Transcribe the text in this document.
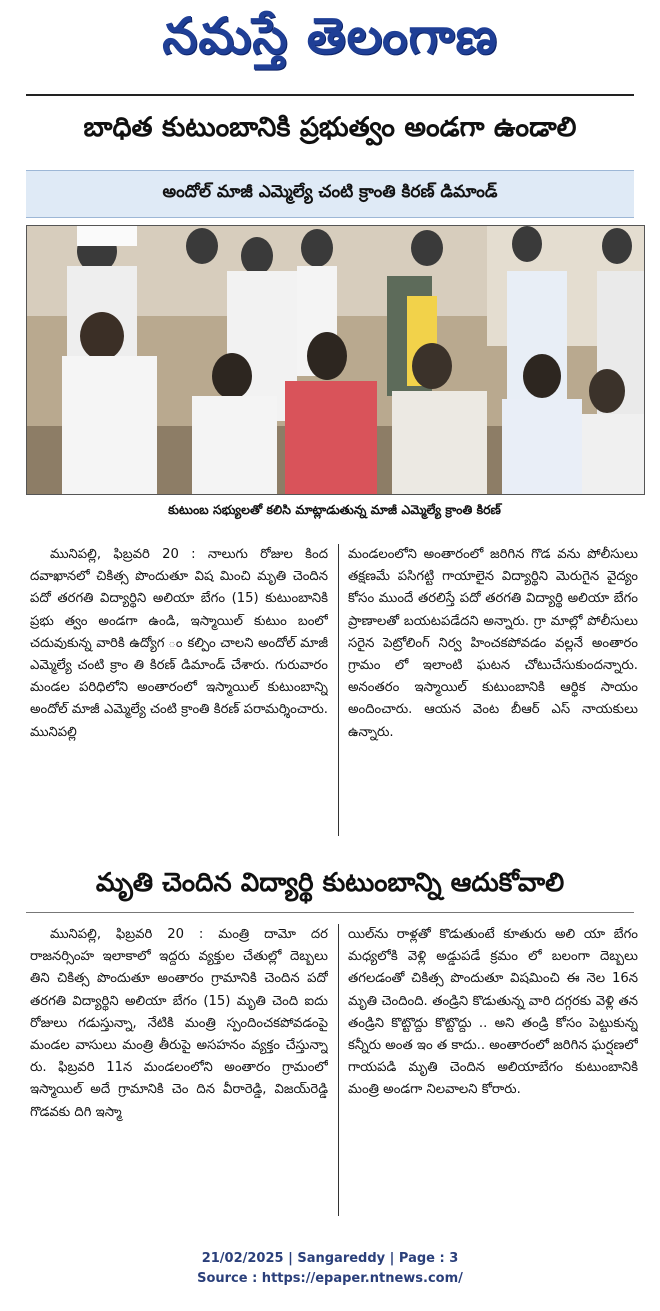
నమస్తే తెలంగాణ
బాధిత కుటుంబానికి ప్రభుత్వం అండగా ఉండాలి
అందోల్ మాజీ ఎమ్మెల్యే చంటి క్రాంతి కిరణ్ డిమాండ్
కుటుంబ సభ్యులతో కలిసి మాట్లాడుతున్న మాజీ ఎమ్మెల్యే క్రాంతి కిరణ్

మునిపల్లి, ఫిబ్రవరి 20 : నాలుగు రోజుల కింద దవాఖానలో చికిత్స పొందుతూ విష మించి మృతి చెందిన పదో తరగతి విద్యార్థిని అలియా బేగం (15) కుటుంబానికి ప్రభు త్వం అండగా ఉండి, ఇస్మాయిల్ కుటుం బంలో చదువుకున్న వారికి ఉద్యోగ ం కల్పిం చాలని అందోల్ మాజీ ఎమ్మెల్యే చంటి క్రాం తి కిరణ్ డిమాండ్ చేశారు. గురువారం మండల పరిధిలోని అంతారంలో ఇస్మాయిల్ కుటుంబాన్ని అందోల్ మాజీ ఎమ్మెల్యే చంటి క్రాంతి కిరణ్ పరామర్శించారు. మునిపల్లి

మండలంలోని అంతారంలో జరిగిన గొడ వను పోలీసులు తక్షణమే పసిగట్టి గాయాలైన విద్యార్థిని మెరుగైన వైద్యం కోసం ముందే తరలిస్తే పదో తరగతి విద్యార్థి అలియా బేగం ప్రాణాలతో బయటపడేదని అన్నారు. గ్రా మాల్లో పోలీసులు సరైన పెట్రోలింగ్ నిర్వ హించకపోవడం వల్లనే అంతారం గ్రామం లో ఇలాంటి ఘటన చోటుచేసుకుందన్నారు. అనంతరం ఇస్మాయిల్ కుటుంబానికి ఆర్థిక సాయం అందించారు. ఆయన వెంట బీఆర్ ఎస్ నాయకులు ఉన్నారు.

మృతి చెందిన విద్యార్థి కుటుంబాన్ని ఆదుకోవాలి

మునిపల్లి, ఫిబ్రవరి 20 : మంత్రి దామో దర రాజనర్సింహ ఇలాకాలో ఇద్దరు వ్యక్తుల చేతుల్లో దెబ్బలు తిని చికిత్స పొందుతూ అంతారం గ్రామానికి చెందిన పదో తరగతి విద్యార్థిని అలియా బేగం (15) మృతి చెంది ఐదు రోజులు గడుస్తున్నా, నేటికి మంత్రి స్పందించకపోవడంపై మండల వాసులు మంత్రి తీరుపై అసహనం వ్యక్తం చేస్తున్నా రు. ఫిబ్రవరి 11న మండలంలోని అంతారం గ్రామంలో ఇస్మాయిల్ అదే గ్రామానికి చెం దిన వీరారెడ్డి, విజయ్‌రెడ్డి గొడవకు దిగి ఇస్మా

యిల్‌ను రాళ్లతో కొడుతుంటే కూతురు అలి యా బేగం మధ్యలోకి వెళ్లి అడ్డుపడే క్రమం లో బలంగా దెబ్బలు తగలడంతో చికిత్స పొందుతూ విషమించి ఈ నెల 16న మృతి చెందింది. తండ్రిని కొడుతున్న వారి దగ్గరకు వెళ్లి తన తండ్రిని కొట్టొద్దు కొట్టొద్దు .. అని తండ్రి కోసం పెట్టుకున్న కన్నీరు అంత ఇం త కాదు.. అంతారంలో జరిగిన ఘర్షణలో గాయపడి మృతి చెందిన అలియాబేగం కుటుంబానికి మంత్రి అండగా నిలవాలని కోరారు.

21/02/2025 | Sangareddy | Page : 3
Source : https://epaper.ntnews.com/
